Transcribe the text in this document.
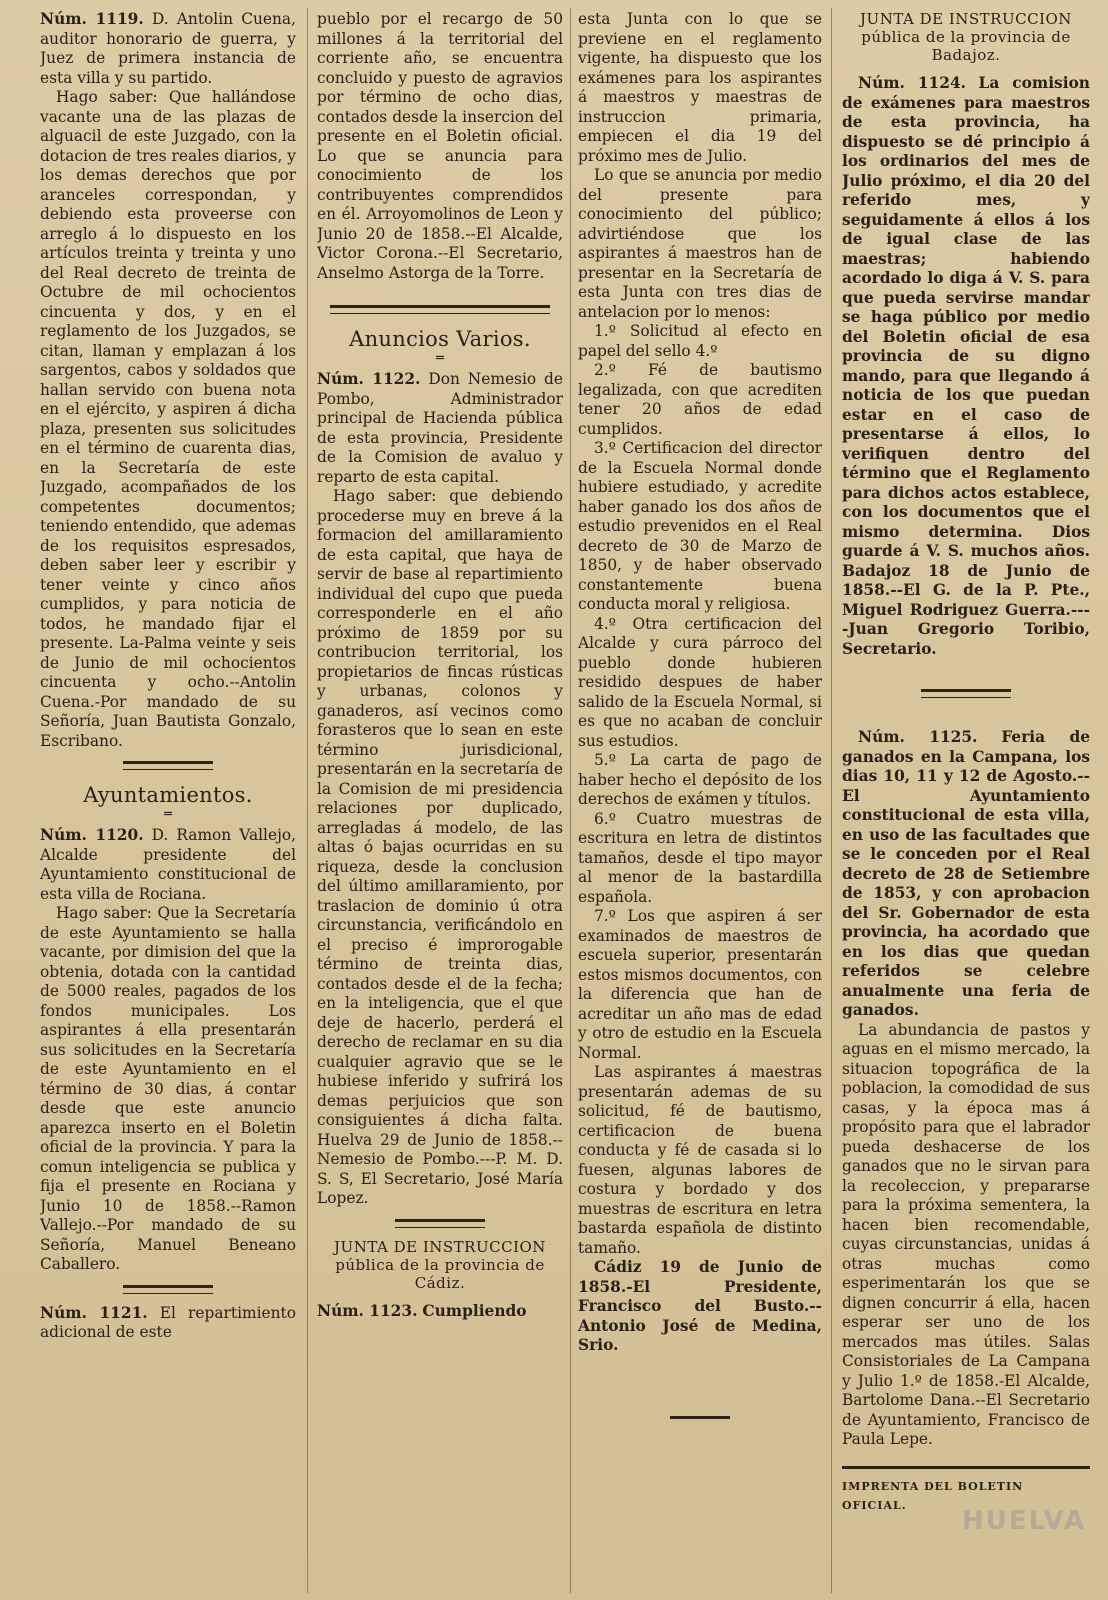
Núm. 1119. D. Antolin Cuena, auditor honorario de guerra, y Juez de primera instancia de esta villa y su partido.

Hago saber: Que hallándose vacante una de las plazas de alguacil de este Juzgado, con la dotacion de tres reales diarios, y los demas derechos que por aranceles correspondan, y debiendo esta proveerse con arreglo á lo dispuesto en los artículos treinta y treinta y uno del Real decreto de treinta de Octubre de mil ochocientos cincuenta y dos, y en el reglamento de los Juzgados, se citan, llaman y emplazan á los sargentos, cabos y soldados que hallan servido con buena nota en el ejército, y aspiren á dicha plaza, presenten sus solicitudes en el término de cuarenta dias, en la Secretaría de este Juzgado, acompañados de los competentes documentos; teniendo entendido, que ademas de los requisitos espresados, deben saber leer y escribir y tener veinte y cinco años cumplidos, y para noticia de todos, he mandado fijar el presente. La-Palma veinte y seis de Junio de mil ochocientos cincuenta y ocho.--Antolin Cuena.-Por mandado de su Señoría, Juan Bautista Gonzalo, Escribano.

Ayuntamientos.
═

Núm. 1120. D. Ramon Vallejo, Alcalde presidente del Ayuntamiento constitucional de esta villa de Rociana.

Hago saber: Que la Secretaría de este Ayuntamiento se halla vacante, por dimision del que la obtenia, dotada con la cantidad de 5000 reales, pagados de los fondos municipales. Los aspirantes á ella presentarán sus solicitudes en la Secretaría de este Ayuntamiento en el término de 30 dias, á contar desde que este anuncio aparezca inserto en el Boletin oficial de la provincia. Y para la comun inteligencia se publica y fija el presente en Rociana y Junio 10 de 1858.--Ramon Vallejo.--Por mandado de su Señoría, Manuel Beneano Caballero.

Núm. 1121. El repartimiento adicional de este

pueblo por el recargo de 50 millones á la territorial del corriente año, se encuentra concluido y puesto de agravios por término de ocho dias, contados desde la insercion del presente en el Boletin oficial. Lo que se anuncia para conocimiento de los contribuyentes comprendidos en él. Arroyomolinos de Leon y Junio 20 de 1858.--El Alcalde, Victor Corona.--El Secretario, Anselmo Astorga de la Torre.

Anuncios Varios.
═

Núm. 1122. Don Nemesio de Pombo, Administrador principal de Hacienda pública de esta provincia, Presidente de la Comision de avaluo y reparto de esta capital.

Hago saber: que debiendo procederse muy en breve á la formacion del amillaramiento de esta capital, que haya de servir de base al repartimiento individual del cupo que pueda corresponderle en el año próximo de 1859 por su contribucion territorial, los propietarios de fincas rústicas y urbanas, colonos y ganaderos, así vecinos como forasteros que lo sean en este término jurisdicional, presentarán en la secretaría de la Comision de mi presidencia relaciones por duplicado, arregladas á modelo, de las altas ó bajas ocurridas en su riqueza, desde la conclusion del último amillaramiento, por traslacion de dominio ú otra circunstancia, verificándolo en el preciso é improrogable término de treinta dias, contados desde el de la fecha; en la inteligencia, que el que deje de hacerlo, perderá el derecho de reclamar en su dia cualquier agravio que se le hubiese inferido y sufrirá los demas perjuicios que son consiguientes á dicha falta. Huelva 29 de Junio de 1858.--Nemesio de Pombo.---P. M. D. S. S, El Secretario, José María Lopez.

JUNTA DE INSTRUCCION pública de la provincia de Cádiz.

Núm. 1123. Cumpliendo

esta Junta con lo que se previene en el reglamento vigente, ha dispuesto que los exámenes para los aspirantes á maestros y maestras de instruccion primaria, empiecen el dia 19 del próximo mes de Julio.

Lo que se anuncia por medio del presente para conocimiento del público; advirtiéndose que los aspirantes á maestros han de presentar en la Secretaría de esta Junta con tres dias de antelacion por lo menos:

1.º Solicitud al efecto en papel del sello 4.º

2.º Fé de bautismo legalizada, con que acrediten tener 20 años de edad cumplidos.

3.º Certificacion del director de la Escuela Normal donde hubiere estudiado, y acredite haber ganado los dos años de estudio prevenidos en el Real decreto de 30 de Marzo de 1850, y de haber observado constantemente buena conducta moral y religiosa.

4.º Otra certificacion del Alcalde y cura párroco del pueblo donde hubieren residido despues de haber salido de la Escuela Normal, si es que no acaban de concluir sus estudios.

5.º La carta de pago de haber hecho el depósito de los derechos de exámen y títulos.

6.º Cuatro muestras de escritura en letra de distintos tamaños, desde el tipo mayor al menor de la bastardilla española.

7.º Los que aspiren á ser examinados de maestros de escuela superior, presentarán estos mismos documentos, con la diferencia que han de acreditar un año mas de edad y otro de estudio en la Escuela Normal.

Las aspirantes á maestras presentarán ademas de su solicitud, fé de bautismo, certificacion de buena conducta y fé de casada si lo fuesen, algunas labores de costura y bordado y dos muestras de escritura en letra bastarda española de distinto tamaño.

Cádiz 19 de Junio de 1858.-El Presidente, Francisco del Busto.--Antonio José de Medina, Srio.

JUNTA DE INSTRUCCION pública de la provincia de Badajoz.

Núm. 1124. La comision de exámenes para maestros de esta provincia, ha dispuesto se dé principio á los ordinarios del mes de Julio próximo, el dia 20 del referido mes, y seguidamente á ellos á los de igual clase de las maestras; habiendo acordado lo diga á V. S. para que pueda servirse mandar se haga público por medio del Boletin oficial de esa provincia de su digno mando, para que llegando á noticia de los que puedan estar en el caso de presentarse á ellos, lo verifiquen dentro del término que el Reglamento para dichos actos establece, con los documentos que el mismo determina. Dios guarde á V. S. muchos años. Badajoz 18 de Junio de 1858.--El G. de la P. Pte., Miguel Rodriguez Guerra.----Juan Gregorio Toribio, Secretario.

Núm. 1125. Feria de ganados en la Campana, los dias 10, 11 y 12 de Agosto.--El Ayuntamiento constitucional de esta villa, en uso de las facultades que se le conceden por el Real decreto de 28 de Setiembre de 1853, y con aprobacion del Sr. Gobernador de esta provincia, ha acordado que en los dias que quedan referidos se celebre anualmente una feria de ganados.

La abundancia de pastos y aguas en el mismo mercado, la situacion topográfica de la poblacion, la comodidad de sus casas, y la época mas á propósito para que el labrador pueda deshacerse de los ganados que no le sirvan para la recoleccion, y prepararse para la próxima sementera, la hacen bien recomendable, cuyas circunstancias, unidas á otras muchas como esperimentarán los que se dignen concurrir á ella, hacen esperar ser uno de los mercados mas útiles. Salas Consistoriales de La Campana y Julio 1.º de 1858.-El Alcalde, Bartolome Dana.--El Secretario de Ayuntamiento, Francisco de Paula Lepe.

IMPRENTA DEL BOLETIN OFICIAL.
HUELVA
